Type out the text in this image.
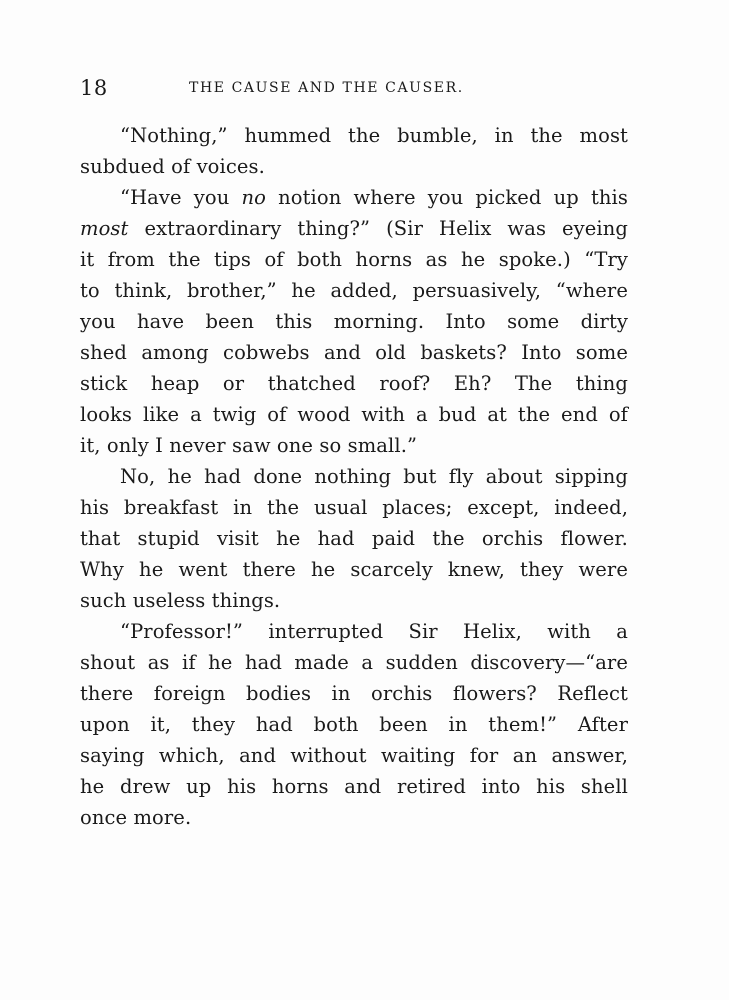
18	THE CAUSE AND THE CAUSER.
“Nothing,” hummed the bumble, in the most
subdued of voices.
“Have you no notion where you picked up this
most extraordinary thing?” (Sir Helix was eyeing
it from the tips of both horns as he spoke.) “Try
to think, brother,” he added, persuasively, “where
you have been this morning. Into some dirty
shed among cobwebs and old baskets? Into some
stick heap or thatched roof? Eh? The thing
looks like a twig of wood with a bud at the end of
it, only I never saw one so small.”
No, he had done nothing but fly about sipping
his breakfast in the usual places; except, indeed,
that stupid visit he had paid the orchis flower.
Why he went there he scarcely knew, they were
such useless things.
“Professor!” interrupted Sir Helix, with a
shout as if he had made a sudden discovery—“are
there foreign bodies in orchis flowers? Reflect
upon it, they had both been in them!” After
saying which, and without waiting for an answer,
he drew up his horns and retired into his shell
once more.
